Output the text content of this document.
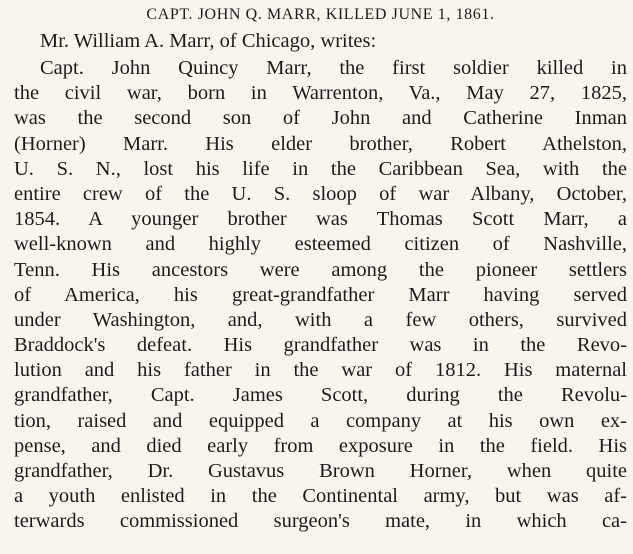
CAPT. JOHN Q. MARR, KILLED JUNE 1, 1861.
Mr. William A. Marr, of Chicago, writes:
Capt. John Quincy Marr, the first soldier killed in
the civil war, born in Warrenton, Va., May 27, 1825,
was the second son of John and Catherine Inman
(Horner) Marr. His elder brother, Robert Athelston,
U. S. N., lost his life in the Caribbean Sea, with the
entire crew of the U. S. sloop of war Albany, October,
1854. A younger brother was Thomas Scott Marr, a
well-known and highly esteemed citizen of Nashville,
Tenn. His ancestors were among the pioneer settlers
of America, his great-grandfather Marr having served
under Washington, and, with a few others, survived
Braddock's defeat. His grandfather was in the Revo-
lution and his father in the war of 1812. His maternal
grandfather, Capt. James Scott, during the Revolu-
tion, raised and equipped a company at his own ex-
pense, and died early from exposure in the field. His
grandfather, Dr. Gustavus Brown Horner, when quite
a youth enlisted in the Continental army, but was af-
terwards commissioned surgeon's mate, in which ca-
